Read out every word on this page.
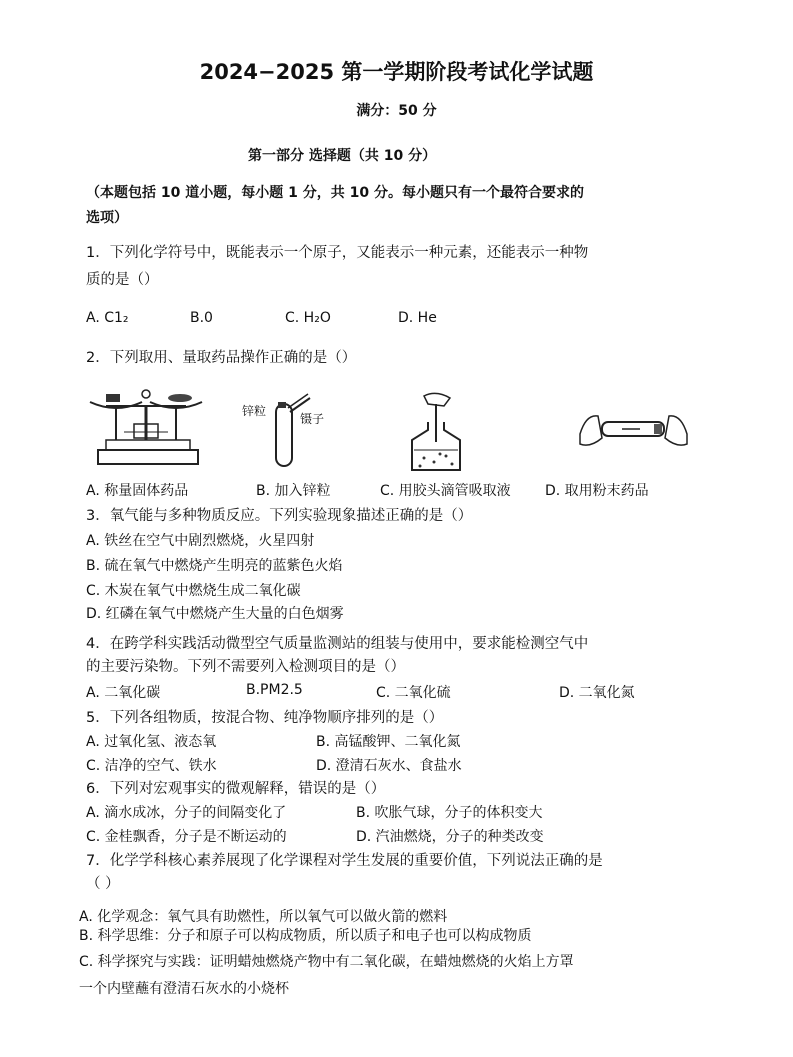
2024−2025 第一学期阶段考试化学试题
满分：50 分
第一部分 选择题（共 10 分）
（本题包括 10 道小题，每小题 1 分，共 10 分。每小题只有一个最符合要求的
选项）
1．下列化学符号中，既能表示一个原子，又能表示一种元素，还能表示一种物
质的是（）
A. C1₂	B.0	C. H₂O	D. He
2．下列取用、量取药品操作正确的是（）
锌粒
镊子
A. 称量固体药品	B. 加入锌粒	C. 用胶头滴管吸取液 D. 取用粉末药品
3．氧气能与多种物质反应。下列实验现象描述正确的是（）
A. 铁丝在空气中剧烈燃烧，火星四射
B. 硫在氧气中燃烧产生明亮的蓝紫色火焰
C. 木炭在氧气中燃烧生成二氧化碳
D. 红磷在氧气中燃烧产生大量的白色烟雾
4．在跨学科实践活动微型空气质量监测站的组装与使用中，要求能检测空气中
的主要污染物。下列不需要列入检测项目的是（）
A. 二氧化碳	B.PM2.5	C. 二氧化硫	D. 二氧化氮
5．下列各组物质，按混合物、纯净物顺序排列的是（）
A. 过氧化氢、液态氧	B. 高锰酸钾、二氧化氮
C. 洁净的空气、铁水	D. 澄清石灰水、食盐水
6．下列对宏观事实的微观解释，错误的是（）
A. 滴水成冰，分子的间隔变化了	B. 吹胀气球，分子的体积变大
C. 金桂飘香，分子是不断运动的	D. 汽油燃烧，分子的种类改变
7．化学学科核心素养展现了化学课程对学生发展的重要价值，下列说法正确的是
（ ）
A. 化学观念：氧气具有助燃性，所以氧气可以做火箭的燃料
B. 科学思维：分子和原子可以构成物质，所以质子和电子也可以构成物质
C. 科学探究与实践：证明蜡烛燃烧产物中有二氧化碳，在蜡烛燃烧的火焰上方罩
一个内壁蘸有澄清石灰水的小烧杯
